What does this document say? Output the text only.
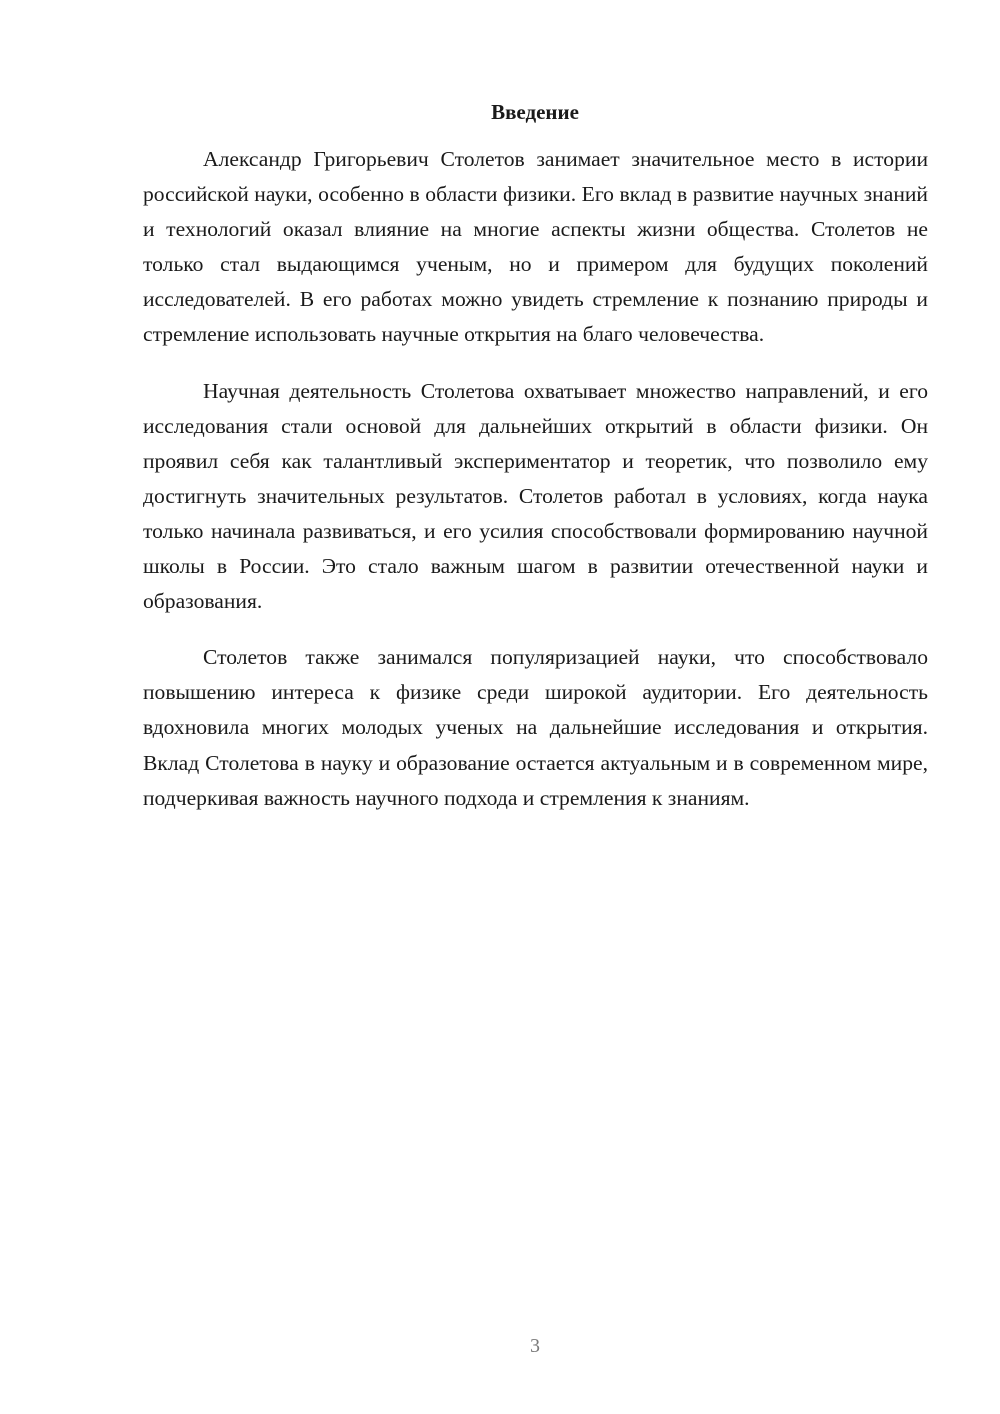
Введение

Александр Григорьевич Столетов занимает значительное место в истории российской науки, особенно в области физики. Его вклад в развитие научных знаний и технологий оказал влияние на многие аспекты жизни общества. Столетов не только стал выдающимся ученым, но и примером для будущих поколений исследователей. В его работах можно увидеть стремление к познанию природы и стремление использовать научные открытия на благо человечества.

Научная деятельность Столетова охватывает множество направлений, и его исследования стали основой для дальнейших открытий в области физики. Он проявил себя как талантливый экспериментатор и теоретик, что позволило ему достигнуть значительных результатов. Столетов работал в условиях, когда наука только начинала развиваться, и его усилия способствовали формированию научной школы в России. Это стало важным шагом в развитии отечественной науки и образования.

Столетов также занимался популяризацией науки, что способствовало повышению интереса к физике среди широкой аудитории. Его деятельность вдохновила многих молодых ученых на дальнейшие исследования и открытия. Вклад Столетова в науку и образование остается актуальным и в современном мире, подчеркивая важность научного подхода и стремления к знаниям.

3
